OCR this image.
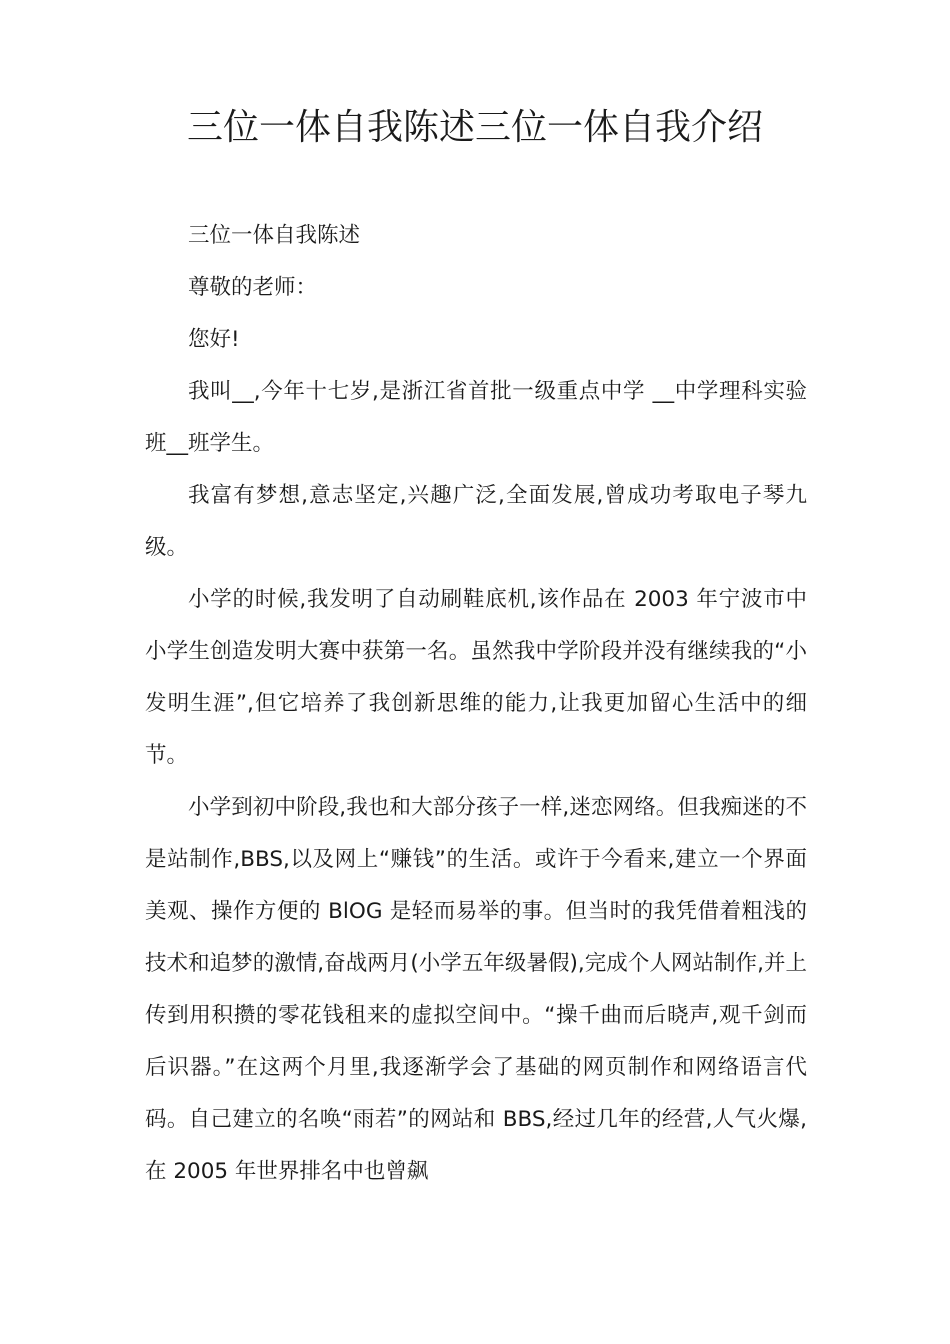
三位一体自我陈述三位一体自我介绍

三位一体自我陈述

尊敬的老师：

您好!

我叫__,今年十七岁,是浙江省首批一级重点中学 __中学理科实验班__班学生。

我富有梦想,意志坚定,兴趣广泛,全面发展,曾成功考取电子琴九级。

小学的时候,我发明了自动刷鞋底机,该作品在 2003 年宁波市中小学生创造发明大赛中获第一名。虽然我中学阶段并没有继续我的“小发明生涯”,但它培养了我创新思维的能力,让我更加留心生活中的细节。

小学到初中阶段,我也和大部分孩子一样,迷恋网络。但我痴迷的不是站制作,BBS,以及网上“赚钱”的生活。或许于今看来,建立一个界面美观、操作方便的 BlOG 是轻而易举的事。但当时的我凭借着粗浅的技术和追梦的激情,奋战两月(小学五年级暑假),完成个人网站制作,并上传到用积攒的零花钱租来的虚拟空间中。“操千曲而后晓声,观千剑而后识器。”在这两个月里,我逐渐学会了基础的网页制作和网络语言代码。自己建立的名唤“雨若”的网站和 BBS,经过几年的经营,人气火爆,在 2005 年世界排名中也曾飙
